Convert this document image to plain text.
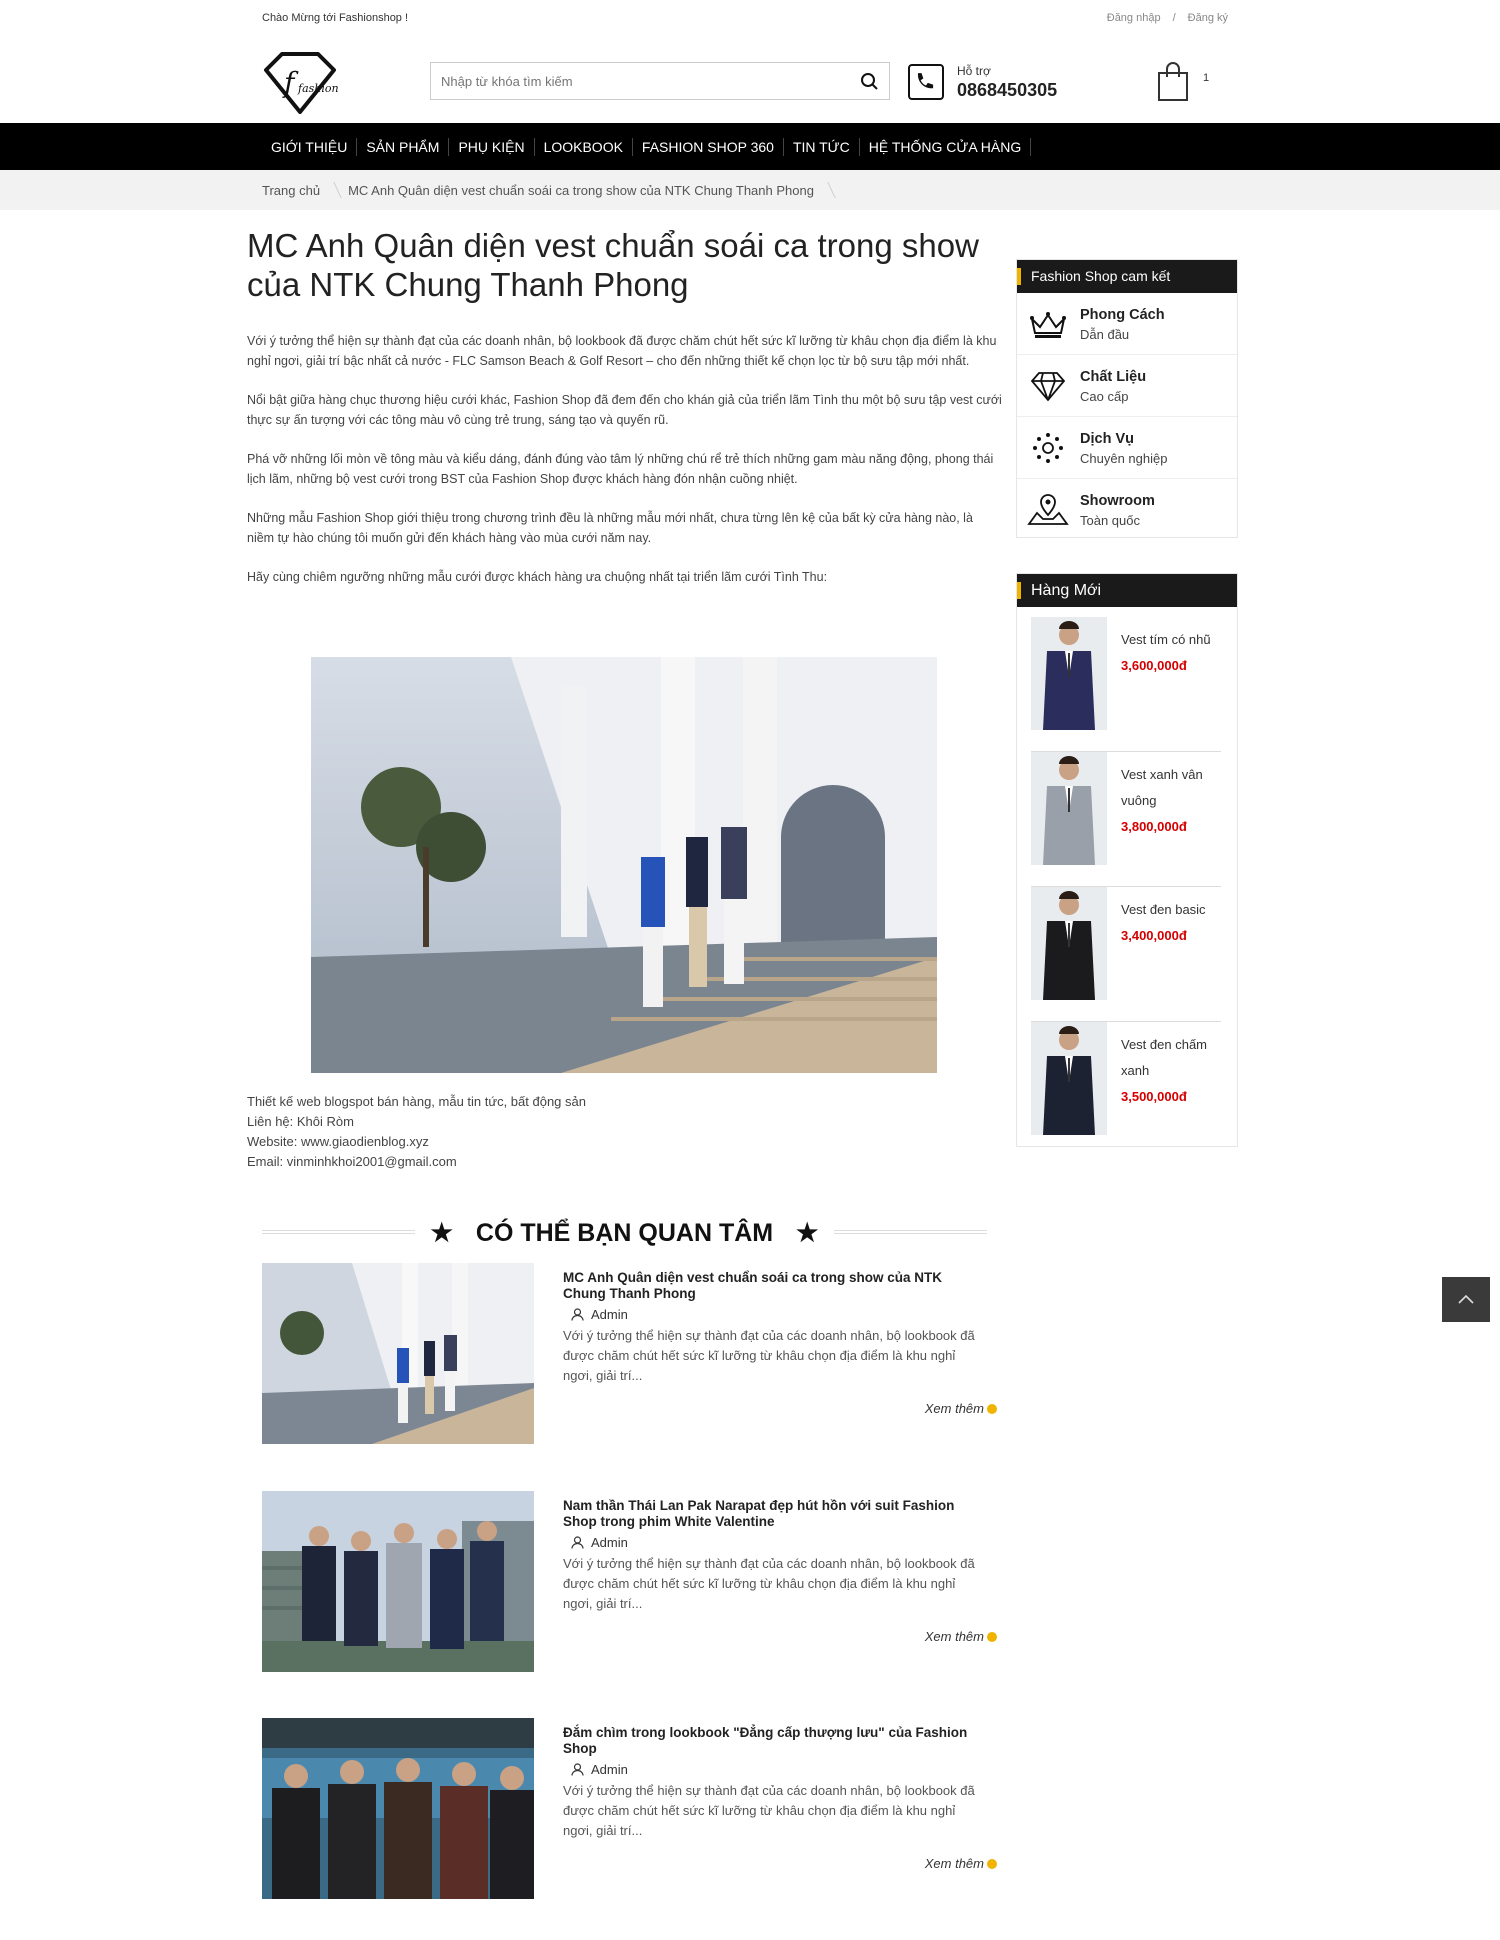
Chào Mừng tới Fashionshop !	Đăng nhập / Đăng ký
f fashion
Nhập từ khóa tìm kiếm
Hỗ trợ
0868450305
1
GIỚI THIỆU	SẢN PHẨM	PHỤ KIỆN	LOOKBOOK	FASHION SHOP 360	TIN TỨC	HỆ THỐNG CỬA HÀNG
Trang chủ MC Anh Quân diện vest chuẩn soái ca trong show của NTK Chung Thanh Phong
MC Anh Quân diện vest chuẩn soái ca trong show của NTK Chung Thanh Phong

Với ý tưởng thể hiện sự thành đạt của các doanh nhân, bộ lookbook đã được chăm chút hết sức kĩ lưỡng từ khâu chọn địa điểm là khu nghỉ ngơi, giải trí bậc nhất cả nước - FLC Samson Beach & Golf Resort – cho đến những thiết kế chọn lọc từ bộ sưu tập mới nhất.

Nổi bật giữa hàng chục thương hiệu cưới khác, Fashion Shop đã đem đến cho khán giả của triển lãm Tình thu một bộ sưu tập vest cưới thực sự ấn tượng với các tông màu vô cùng trẻ trung, sáng tạo và quyến rũ.

Phá vỡ những lối mòn về tông màu và kiểu dáng, đánh đúng vào tâm lý những chú rể trẻ thích những gam màu năng động, phong thái lịch lãm, những bộ vest cưới trong BST của Fashion Shop được khách hàng đón nhận cuồng nhiệt.

Những mẫu Fashion Shop giới thiệu trong chương trình đều là những mẫu mới nhất, chưa từng lên kệ của bất kỳ cửa hàng nào, là niềm tự hào chúng tôi muốn gửi đến khách hàng vào mùa cưới năm nay.

Hãy cùng chiêm ngưỡng những mẫu cưới được khách hàng ưa chuộng nhất tại triển lãm cưới Tình Thu:

Thiết kế web blogspot bán hàng, mẫu tin tức, bất động sản
Liên hệ: Khôi Ròm
Website: www.giaodienblog.xyz
Email: vinminhkhoi2001@gmail.com
★ CÓ THỂ BẠN QUAN TÂM ★
MC Anh Quân diện vest chuẩn soái ca trong show của NTK Chung Thanh Phong
Admin
Với ý tưởng thể hiện sự thành đạt của các doanh nhân, bộ lookbook đã được chăm chút hết sức kĩ lưỡng từ khâu chọn địa điểm là khu nghỉ ngơi, giải trí...
Xem thêm
Nam thần Thái Lan Pak Narapat đẹp hút hồn với suit Fashion Shop trong phim White Valentine
Admin
Với ý tưởng thể hiện sự thành đạt của các doanh nhân, bộ lookbook đã được chăm chút hết sức kĩ lưỡng từ khâu chọn địa điểm là khu nghỉ ngơi, giải trí...
Xem thêm
Đắm chìm trong lookbook "Đẳng cấp thượng lưu" của Fashion Shop
Admin
Với ý tưởng thể hiện sự thành đạt của các doanh nhân, bộ lookbook đã được chăm chút hết sức kĩ lưỡng từ khâu chọn địa điểm là khu nghỉ ngơi, giải trí...
Xem thêm
Fashion Shop cam kết
Phong Cách
Dẫn đầu
Chất Liệu
Cao cấp
Dịch Vụ
Chuyên nghiệp
Showroom
Toàn quốc
Hàng Mới
Vest tím có nhũ
3,600,000đ
Vest xanh vân vuông
3,800,000đ
Vest đen basic
3,400,000đ
Vest đen chấm xanh
3,500,000đ
